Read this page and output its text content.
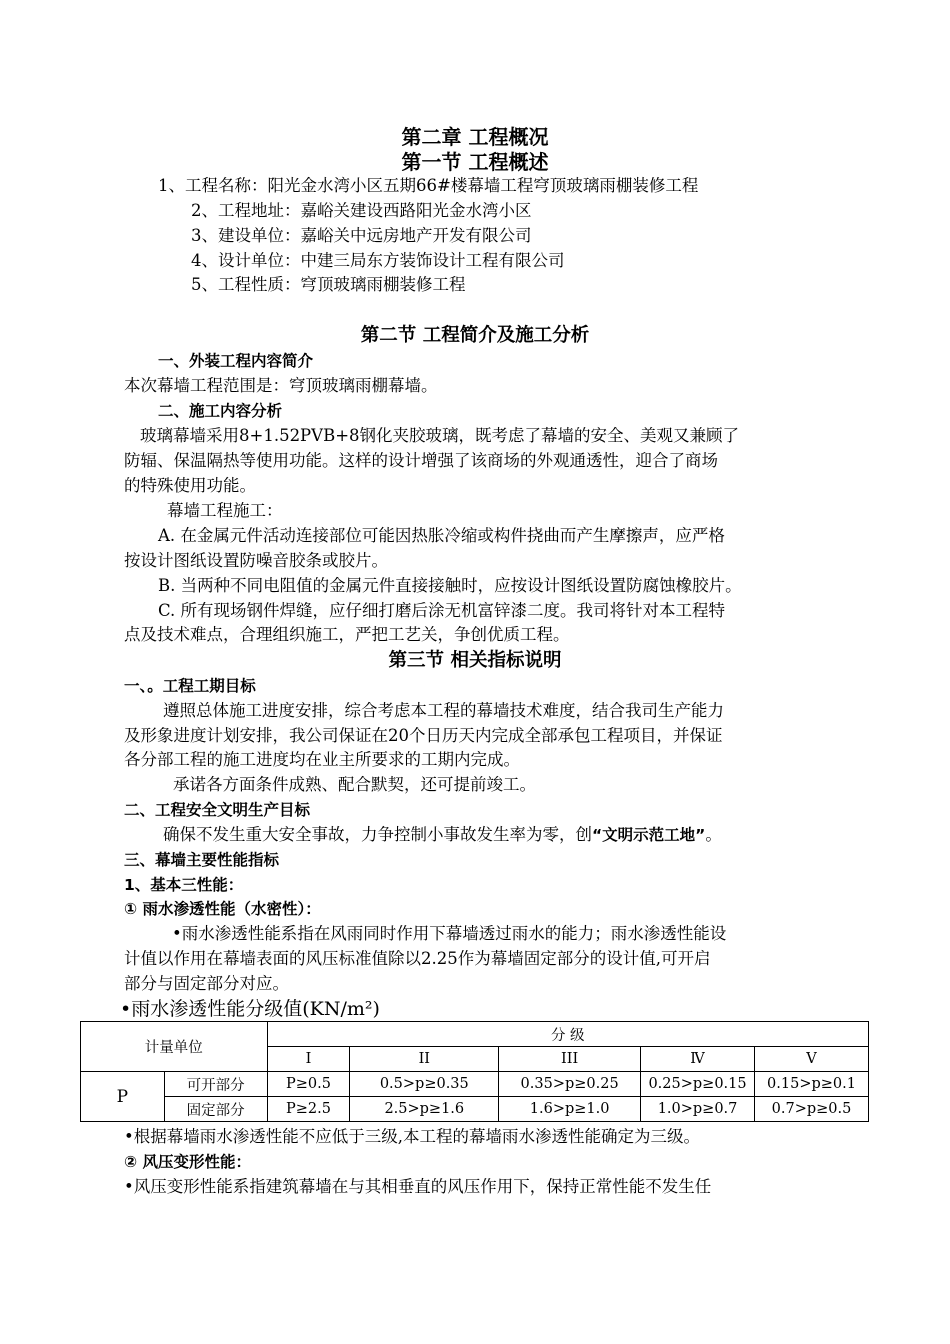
第二章 工程概况
第一节 工程概述
1、工程名称：阳光金水湾小区五期66#楼幕墙工程穹顶玻璃雨棚装修工程
2、工程地址：嘉峪关建设西路阳光金水湾小区
3、建设单位：嘉峪关中远房地产开发有限公司
4、设计单位：中建三局东方装饰设计工程有限公司
5、工程性质：穹顶玻璃雨棚装修工程
第二节 工程简介及施工分析
一、外装工程内容简介
本次幕墙工程范围是：穹顶玻璃雨棚幕墙。
二、施工内容分析
玻璃幕墙采用8+1.52PVB+8钢化夹胶玻璃，既考虑了幕墙的安全、美观又兼顾了
防辐、保温隔热等使用功能。这样的设计增强了该商场的外观通透性，迎合了商场
的特殊使用功能。
幕墙工程施工：
A. 在金属元件活动连接部位可能因热胀冷缩或构件挠曲而产生摩擦声，应严格
按设计图纸设置防噪音胶条或胶片。
B. 当两种不同电阻值的金属元件直接接触时，应按设计图纸设置防腐蚀橡胶片。
C. 所有现场钢件焊缝，应仔细打磨后涂无机富锌漆二度。我司将针对本工程特
点及技术难点，合理组织施工，严把工艺关，争创优质工程。
第三节 相关指标说明
一、。工程工期目标
遵照总体施工进度安排，综合考虑本工程的幕墙技术难度，结合我司生产能力
及形象进度计划安排，我公司保证在20个日历天内完成全部承包工程项目，并保证
各分部工程的施工进度均在业主所要求的工期内完成。
承诺各方面条件成熟、配合默契，还可提前竣工。
二、工程安全文明生产目标
确保不发生重大安全事故，力争控制小事故发生率为零，创“文明示范工地”。
三、幕墙主要性能指标
1、基本三性能：
① 雨水渗透性能（水密性）：
•雨水渗透性能系指在风雨同时作用下幕墙透过雨水的能力；雨水渗透性能设
计值以作用在幕墙表面的风压标准值除以2.25作为幕墙固定部分的设计值,可开启
部分与固定部分对应。
•雨水渗透性能分级值(KN/m²)
计量单位		分 级				
		I	II	III	Ⅳ	V
P	可开部分	P≥0.5	0.5>p≥0.35	0.35>p≥0.25	0.25>p≥0.15	0.15>p≥0.1
	固定部分	P≥2.5	2.5>p≥1.6	1.6>p≥1.0	1.0>p≥0.7	0.7>p≥0.5
•根据幕墙雨水渗透性能不应低于三级,本工程的幕墙雨水渗透性能确定为三级。
② 风压变形性能：
•风压变形性能系指建筑幕墙在与其相垂直的风压作用下，保持正常性能不发生任
